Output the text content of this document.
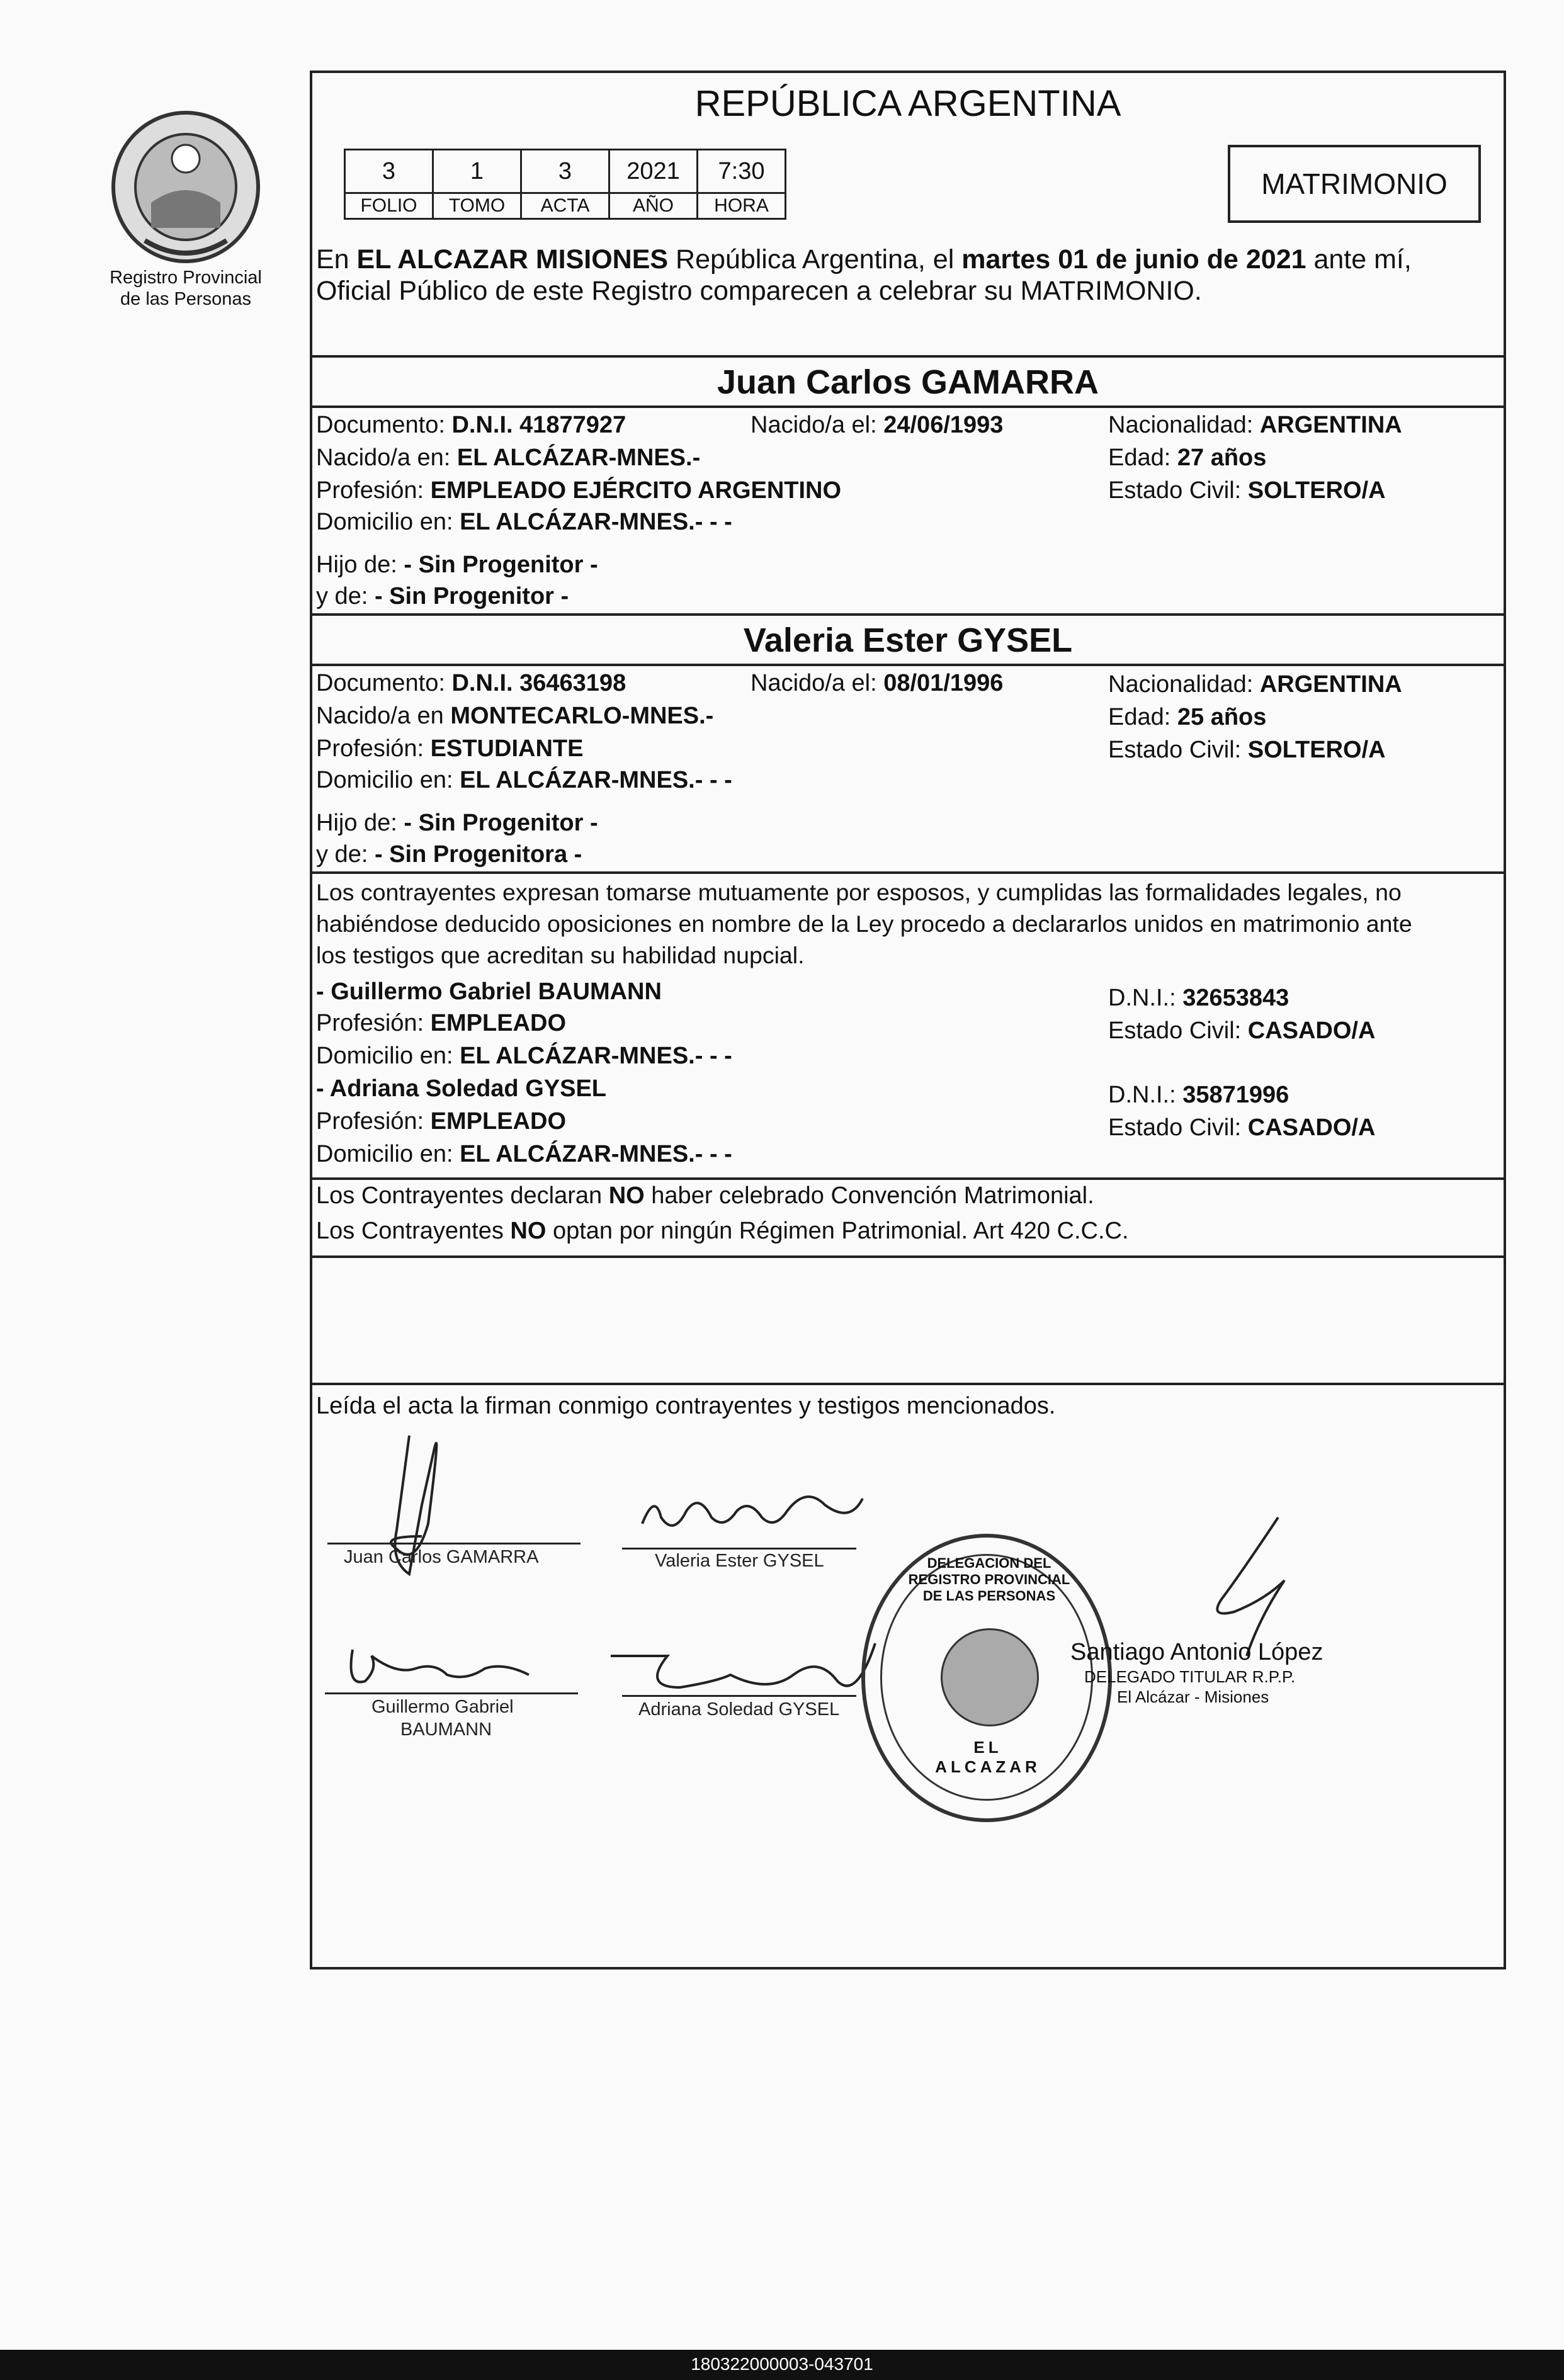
Registro Provincial
de las Personas
REPÚBLICA ARGENTINA
3	1	3	2021	7:30
FOLIO	TOMO	ACTA	AÑO	HORA
MATRIMONIO
En EL ALCAZAR MISIONES República Argentina, el martes 01 de junio de 2021 ante mí,
Oficial Público de este Registro comparecen a celebrar su MATRIMONIO.
Juan Carlos GAMARRA
Documento: D.N.I. 41877927	Nacido/a el: 24/06/1993	Nacionalidad: ARGENTINA
Nacido/a en: EL ALCÁZAR-MNES.-	Edad: 27 años
Profesión: EMPLEADO EJÉRCITO ARGENTINO	Estado Civil: SOLTERO/A
Domicilio en: EL ALCÁZAR-MNES.- - -
Hijo de: - Sin Progenitor -
y de: - Sin Progenitor -
Valeria Ester GYSEL
Documento: D.N.I. 36463198	Nacido/a el: 08/01/1996	Nacionalidad: ARGENTINA
Nacido/a en MONTECARLO-MNES.-	Edad: 25 años
Profesión: ESTUDIANTE	Estado Civil: SOLTERO/A
Domicilio en: EL ALCÁZAR-MNES.- - -
Hijo de: - Sin Progenitor -
y de: - Sin Progenitora -
Los contrayentes expresan tomarse mutuamente por esposos, y cumplidas las formalidades legales, no
habiéndose deducido oposiciones en nombre de la Ley procedo a declararlos unidos en matrimonio ante
los testigos que acreditan su habilidad nupcial.
- Guillermo Gabriel BAUMANN
Profesión: EMPLEADO
Domicilio en: EL ALCÁZAR-MNES.- - -
D.N.I.: 32653843
Estado Civil: CASADO/A
- Adriana Soledad GYSEL
Profesión: EMPLEADO
Domicilio en: EL ALCÁZAR-MNES.- - -
D.N.I.: 35871996
Estado Civil: CASADO/A
Los Contrayentes declaran NO haber celebrado Convención Matrimonial.
Los Contrayentes NO optan por ningún Régimen Patrimonial. Art 420 C.C.C.
Leída el acta la firman conmigo contrayentes y testigos mencionados.
Juan Carlos GAMARRA	Valeria Ester GYSEL
Guillermo Gabriel
BAUMANN
Adriana Soledad GYSEL
DELEGACION DEL REGISTRO PROVINCIAL DE LAS PERSONAS
EL ALCAZAR
Santiago Antonio López
DELEGADO TITULAR R.P.P.
El Alcázar - Misiones
180322000003-043701
